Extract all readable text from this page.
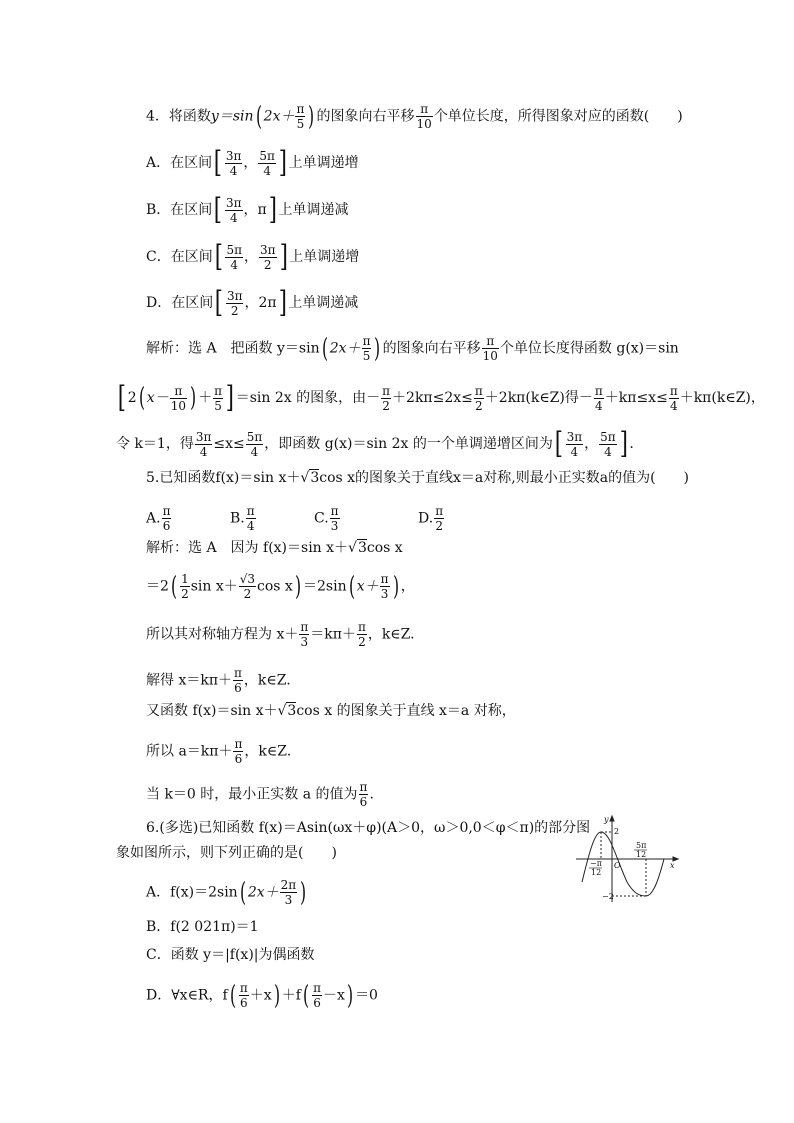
4．将函数y＝sin( $2x+ \frac{\pi}{5}$ ) 的图象向右平移 $\frac{\pi}{10}$ 个单位长度，所得图象对应的函数(　　)
A．在区间[ $\frac{3\pi}{4}$ ， $\frac{5\pi}{4}$ ] 上单调递增
B．在区间[ $\frac{3\pi}{4}$ ，π] 上单调递减
C．在区间[ $\frac{5\pi}{4}$ ， $\frac{3\pi}{2}$ ] 上单调递增
D．在区间[ $\frac{3\pi}{2}$ ，2π] 上单调递减
解析：选 A　把函数 y＝sin( $2x+ \frac{\pi}{5}$ ) 的图象向右平移 $\frac{\pi}{10}$ 个单位长度得函数 g(x)＝sin
[ 2( $x- \frac{\pi}{10}$ ) ＋ $\frac{\pi}{5}$ ] ＝sin 2x 的图象，由－ $\frac{\pi}{2} +2k\pi\le 2x\le \frac{\pi}{2}$ ＋2kπ(k∈Z)得－ $\frac{\pi}{4} +k\pi\le x\le \frac{\pi}{4}$ ＋kπ(k∈Z)，
令 k＝1，得 $\frac{3\pi}{4} \le x\le \frac{5\pi}{4}$ ，即函数 g(x)＝sin 2x 的一个单调递增区间为[ $\frac{3\pi}{4}$ ， $\frac{5\pi}{4}$ ] .
5.已知函数f(x)＝sin x＋√3cos x的图象关于直线x＝a对称,则最小正实数a的值为(　　)
A. $\frac{\pi}{6}$	B. $\frac{\pi}{4}$	C. $\frac{\pi}{3}$	D. $\frac{\pi}{2}$
解析：选 A　因为 f(x)＝sin x＋√3cos x
$=2( \frac{1}{2}$ $\sin x+ \frac{√3}{2}$ cos x) ＝2sin( $x+ \frac{\pi}{3}$ ) ，
所以其对称轴方程为 $x+ \frac{\pi}{3} =k\pi+ \frac{\pi}{2}$ ，k∈Z.
解得 $x=k\pi+ \frac{\pi}{6}$ ，k∈Z.
又函数 f(x)＝sin x＋√3cos x 的图象关于直线 x＝a 对称，
所以 $a=k\pi+ \frac{\pi}{6}$ ，k∈Z.
当 k＝0 时，最小正实数 a 的值为 $\frac{\pi}{6}$ .
6.(多选)已知函数 f(x)＝Asin(ωx＋φ)(A＞0，ω＞0,0＜φ＜π)的部分图
象如图所示，则下列正确的是(　　)
A．f(x)＝2sin( $2x+ \frac{2\pi}{3}$ )
B．f(2 021π)＝1
C．函数 y＝|f(x)|为偶函数
D．∀x∈R，$f( \frac{\pi}{6} +x) +f( \frac{\pi}{6} -x) =0$
y
x
O
2
−2
−π
12
5π
12
